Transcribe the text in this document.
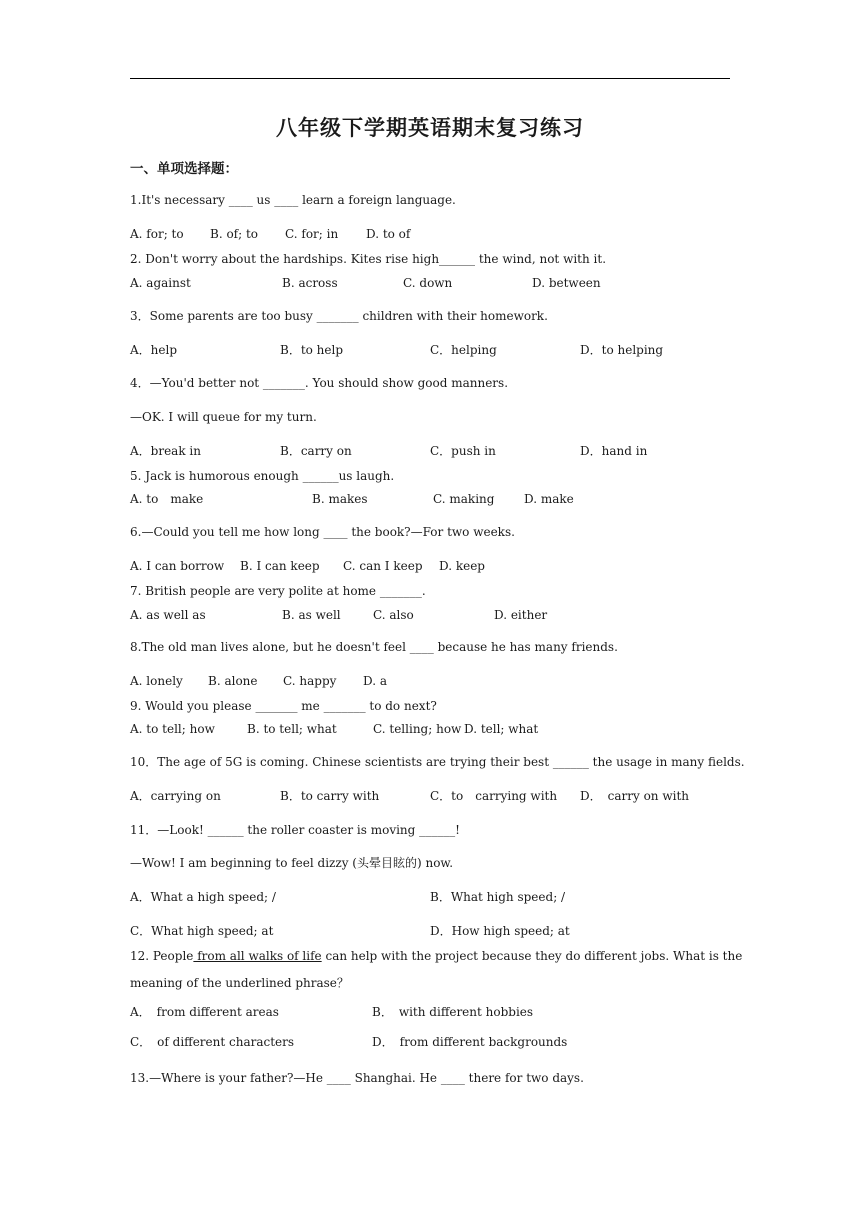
八年级下学期英语期末复习练习
一、单项选择题：
1.It's necessary ____ us ____ learn a foreign language.
A. for; to B. of; to C. for; in D. to of
2. Don't worry about the hardships. Kites rise high______ the wind, not with it.
A. against	B. across	C. down	D. between
3．Some parents are too busy _______ children with their homework.
A．help	B．to help	C．helping	D．to helping
4．—You'd better not _______. You should show good manners.
—OK. I will queue for my turn.
A．break in	B．carry on	C．push in	D．hand in
5. Jack is humorous enough ______us laugh.
A. to　make	B. makes	C. making D. make
6.—Could you tell me how long ____ the book?—For two weeks.
A. I can borrow B. I can keep C. can I keep D. keep
7. British people are very polite at home _______.
A. as well as	B. as well	C. also	D. either
8.The old man lives alone, but he doesn't feel ____ because he has many friends.
A. lonely B. alone C. happy D. a
9. Would you please _______ me _______ to do next?
A. to tell; how	B. to tell; what	C. telling; how D. tell; what
10．The age of 5G is coming. Chinese scientists are trying their best ______ the usage in many fields.
A．carrying on	B．to carry with	C．to　carrying with D．　carry on with
11．—Look! ______ the roller coaster is moving ______!
—Wow! I am beginning to feel dizzy (头晕目眩的) now.
A．What a high speed; /	B．What high speed; /
C．What high speed; at	D．How high speed; at
12. People from all walks of life can help with the project because they do different jobs. What is the
meaning of the underlined phrase？
A．　from different areas	B．　with different hobbies
C．　of different characters	D．　from different backgrounds
13.—Where is your father?—He ____ Shanghai. He ____ there for two days.
